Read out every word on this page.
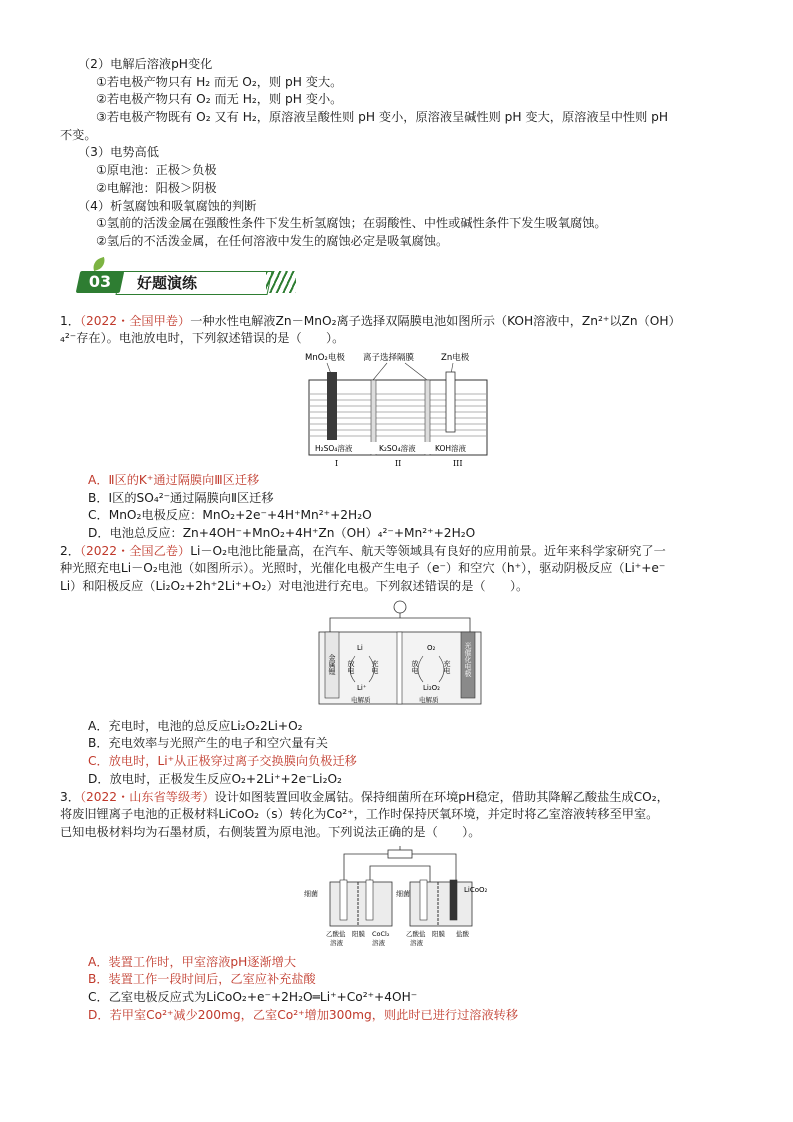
（2）电解后溶液pH变化
①若电极产物只有 H₂ 而无 O₂，则 pH 变大。
②若电极产物只有 O₂ 而无 H₂，则 pH 变小。
③若电极产物既有 O₂ 又有 H₂，原溶液呈酸性则 pH 变小，原溶液呈碱性则 pH 变大，原溶液呈中性则 pH
不变。
（3）电势高低
①原电池：正极＞负极
②电解池：阳极＞阴极
（4）析氢腐蚀和吸氧腐蚀的判断
①氢前的活泼金属在强酸性条件下发生析氢腐蚀；在弱酸性、中性或碱性条件下发生吸氧腐蚀。
②氢后的不活泼金属，在任何溶液中发生的腐蚀必定是吸氧腐蚀。
好题演练
03
1．（2022・全国甲卷）一种水性电解液Zn－MnO₂离子选择双隔膜电池如图所示（KOH溶液中，Zn²⁺以Zn（OH）
₄²⁻存在）。电池放电时，下列叙述错误的是（　　）。
MnO₂电极 离子选择隔膜	Zn电极
H₂SO₄溶液	K₂SO₄溶液	KOH溶液
I	II	III
A．Ⅱ区的K⁺通过隔膜向Ⅲ区迁移
B．Ⅰ区的SO₄²⁻通过隔膜向Ⅱ区迁移
C．MnO₂电极反应：MnO₂+2e⁻+4H⁺Mn²⁺+2H₂O
D．电池总反应：Zn+4OH⁻+MnO₂+4H⁺Zn（OH）₄²⁻+Mn²⁺+2H₂O
2．（2022・全国乙卷）Li－O₂电池比能量高，在汽车、航天等领域具有良好的应用前景。近年来科学家研究了一
种光照充电Li－O₂电池（如图所示）。光照时，光催化电极产生电子（e⁻）和空穴（h⁺），驱动阴极反应（Li⁺+e⁻
Li）和阳极反应（Li₂O₂+2h⁺2Li⁺+O₂）对电池进行充电。下列叙述错误的是（　　）。
金属锂	光催化电极
Li
Li⁺
放电 充电
O₂
Li₂O₂
放电	充电
电解质	电解质
A．充电时，电池的总反应Li₂O₂2Li+O₂
B．充电效率与光照产生的电子和空穴量有关
C．放电时，Li⁺从正极穿过离子交换膜向负极迁移
D．放电时，正极发生反应O₂+2Li⁺+2e⁻Li₂O₂
3．（2022・山东省等级考）设计如图装置回收金属钴。保持细菌所在环境pH稳定，借助其降解乙酸盐生成CO₂，
将废旧锂离子电池的正极材料LiCoO₂（s）转化为Co²⁺，工作时保持厌氧环境，并定时将乙室溶液转移至甲室。
已知电极材料均为石墨材质，右侧装置为原电池。下列说法正确的是（　　）。
细菌	细菌	LiCoO₂
乙酸盐
溶液
阳膜 CoCl₂
溶液
乙酸盐
溶液
阳膜 盐酸
A．装置工作时，甲室溶液pH逐渐增大
B．装置工作一段时间后，乙室应补充盐酸
C．乙室电极反应式为LiCoO₂+e⁻+2H₂O═Li⁺+Co²⁺+4OH⁻
D．若甲室Co²⁺减少200mg，乙室Co²⁺增加300mg，则此时已进行过溶液转移
